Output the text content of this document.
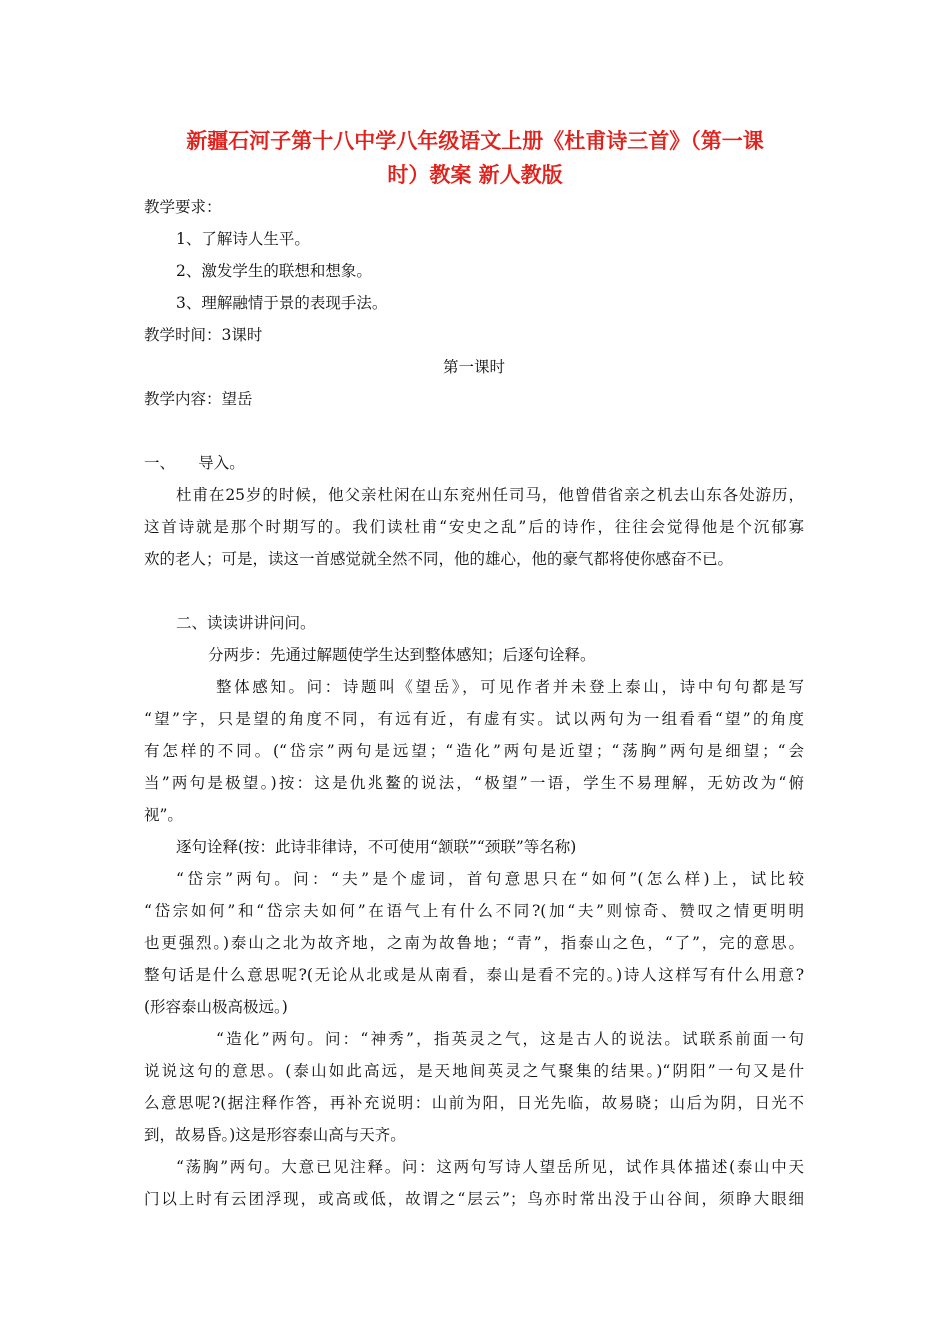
新疆石河子第十八中学八年级语文上册《杜甫诗三首》（第一课
时）教案 新人教版
教学要求：
1、了解诗人生平。
2、激发学生的联想和想象。
3、理解融情于景的表现手法。
教学时间：3课时
第一课时
教学内容：望岳
一、　　导入。
杜甫在25岁的时候，他父亲杜闲在山东兖州任司马，他曾借省亲之机去山东各处游历，
这首诗就是那个时期写的。我们读杜甫“安史之乱”后的诗作，往往会觉得他是个沉郁寡
欢的老人；可是，读这一首感觉就全然不同，他的雄心，他的豪气都将使你感奋不已。
二、读读讲讲问问。
分两步：先通过解题使学生达到整体感知；后逐句诠释。
整体感知。问：诗题叫《望岳》，可见作者并未登上泰山，诗中句句都是写
“望”字，只是望的角度不同，有远有近，有虚有实。试以两句为一组看看“望”的角度
有怎样的不同。(“岱宗”两句是远望；“造化”两句是近望；“荡胸”两句是细望；“会
当”两句是极望。)按：这是仇兆鳌的说法，“极望”一语，学生不易理解，无妨改为“俯
视”。
逐句诠释(按：此诗非律诗，不可使用“颔联”“颈联”等名称)
“岱宗”两句。问：“夫”是个虚词，首句意思只在“如何”(怎么样)上，试比较
“岱宗如何”和“岱宗夫如何”在语气上有什么不同?(加“夫”则惊奇、赞叹之情更明明
也更强烈。)泰山之北为故齐地，之南为故鲁地；“青”，指泰山之色，“了”，完的意思。
整句话是什么意思呢?(无论从北或是从南看，泰山是看不完的。)诗人这样写有什么用意?
(形容泰山极高极远。)
“造化”两句。问：“神秀”，指英灵之气，这是古人的说法。试联系前面一句
说说这句的意思。(泰山如此高远，是天地间英灵之气聚集的结果。)“阴阳”一句又是什
么意思呢?(据注释作答，再补充说明：山前为阳，日光先临，故易晓；山后为阴，日光不
到，故易昏。)这是形容泰山高与天齐。
“荡胸”两句。大意已见注释。问：这两句写诗人望岳所见，试作具体描述(泰山中天
门以上时有云团浮现，或高或低，故谓之“层云”；鸟亦时常出没于山谷间，须睁大眼细
